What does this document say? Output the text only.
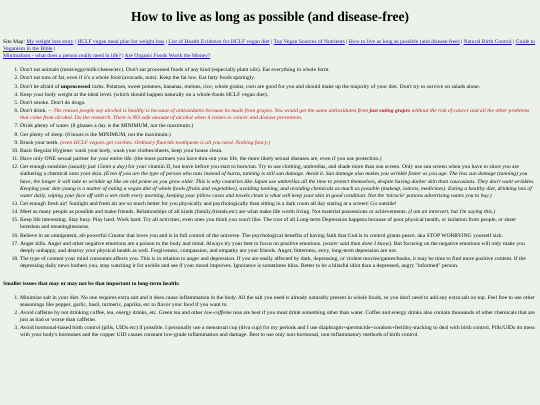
How to live as long as possible (and disease-free)
Site Map: My weight loss story | HCLF vegan meal plan for weight loss | List of Health Evidence for HCLF vegan diet | Top Vegan Sources of Nutrients | How to live as long as possible (and disease-free) | Natural Birth Control | Guide to Veganism in the Bible |
Minimalism - what does a person really need in life? | Are Organic Foods Worth the Money?
1. Don't eat animals (meat/eggs/milk/cheese/etc). Don't eat processed foods of any kind (especially plant oils). Eat everything in whole form.
2. Don't eat tons of fat, even if it's a whole food (avocado, nuts). Keep the fat low. Eat fatty foods sparingly.
3. Don't be afraid of unprocessed carbs. Potatoes, sweet potatoes, bananas, melons, rice, whole grains, corn are good for you and should make up the majority of your diet. Don't try to survive on salads alone.
4. Keep your body weight at the ideal level. (which should happen naturally on a whole-foods HCLF vegan diet).
5. Don't smoke. Don't do drugs.
6. Don't drink. -- The reason people say alcohol is healthy is because of antioxidants because its made from grapes. You would get the same antioxidants from just eating grapes without the risk of cancer and all the other problems that come from alcohol. Do the research. There is NO safe amount of alcohol when it comes to cancer and disease prevention.
7. Drink plenty of water. (8 glasses a day is the MINIMUM, not the maximum.)
8. Get plenty of sleep. (8 hours is the MINIMUM, not the maximum.)
9. Brush your teeth. (even HCLF vegans get cavities. Ordinary fluoride toothpaste is all you need. Nothing fancy.)
10. Basic Regular Hygiene: wash your body, wash your clothes/sheets, keep your house clean.
11. Have only ONE sexual partner for your entire life. (the more partners you have thru-out your life, the more likely sexual diseases are, even if you use protection.)
12. Get enough sunshine (usually just 15min a day) for your vitamin D, but leave before you start to burn/tan. Try to use clothing, umbrellas, and shade more than sun screen. Only use sun screen when you have to since you are slathering a chemical onto your skin. (Even if you are the type of person who tans instead of burns, tanning is still sun damage. Avoid it. Sun damage also makes you wrinkle faster as you age. The less sun damage (tanning) you have, the longer it will take to wrinkle up like an old prune as you grow older. This is why countries like Japan use umbrellas all the time to protect themselves, despite having darker skin than caucasians. They don't want wrinkles. Keeping your skin young is a matter of eating a vegan diet of whole foods (fruits and vegetables), avoiding tanning, and avoiding chemicals as much as possible (makeup, lotions, medicines). Eating a healthy diet, drinking lots of water daily, wiping your face off with a wet cloth every morning, keeping your pillow cases and towels clean is what will keep your skin in good condition. Not the 'miracle' potions advertising wants you to buy.)
13. Get enough fresh air! Sunlight and fresh air are so much better for you physically and psychologically than sitting in a dark room all day staring at a screen! Go outside!
14. Meet as many people as possible and make friends. Relationships of all kinds (family,friends,etc) are what make life worth living. Not material possessions or achievements. (I am an introvert, but I'm saying this.)
15. Keep life interesting. Stay busy. Play hard. Work hard. Try all activities, even ones you think you won't like. The root of all Long-term Depression happens because of poor physical health, or isolation from people, or sheer boredom and meaninglessness.
16. Believe in an omnipotent, all-powerful Creator that loves you and is in full control of the universe. The psychological benefits of having faith that God is in control grants peace. aka STOP WORRYING yourself sick.
17. Anger kills. Anger and other negative emotions are a poison to the body and mind. Always try your best to focus on positive emotions. (easier said than done I know). But focusing on the negative emotions will only make you deeply unhappy, and destroy your physical health as well. Forgiveness, compassion, and empathy are your friends. Anger, bitterness, envy, long-term depression are not.
18. The type of content your mind consumes affects you. This is in relation to anger and depression. If you are easily affected by dark, depressing, or violent movies/games/books, it may be time to find more positive content. If the depressing daily news bothers you, stop watching it for awhile and see if your mood improves. Ignorance is sometimes bliss. Better to be a blissful idiot than a depressed, angry "informed" person.
Smaller issues that may or may not be that important to long-term health:
1. Minimize salt in your diet. No one requires extra salt and it does cause inflammation in the body. All the salt you need is already naturally present in whole foods, so you don't need to add any extra salt on top. Feel free to use other seasonings like pepper, garlic, basil, turmeric, paprika, etc to flavor your food if you want to.
2. Avoid caffeine by not drinking coffee, tea, energy drinks, etc. Green tea and other low-caffeine teas are best if you must drink something other than water. Coffee and energy drinks also contain thousands of other chemicals that are just as bad or worse than caffeine.
3. Avoid hormonal-based birth control (pills, UIDs etc) if possible. I personally use a menstrual cup (diva cup) for my periods and I use diaphragm+spermicide+condom+fertility-tracking to deal with birth control. Pills/UIDs do mess with your body's hormones and the copper UID causes constant low-grade inflammation and damage. Best to use only non-hormonal, non-inflammatory methods of birth control.
